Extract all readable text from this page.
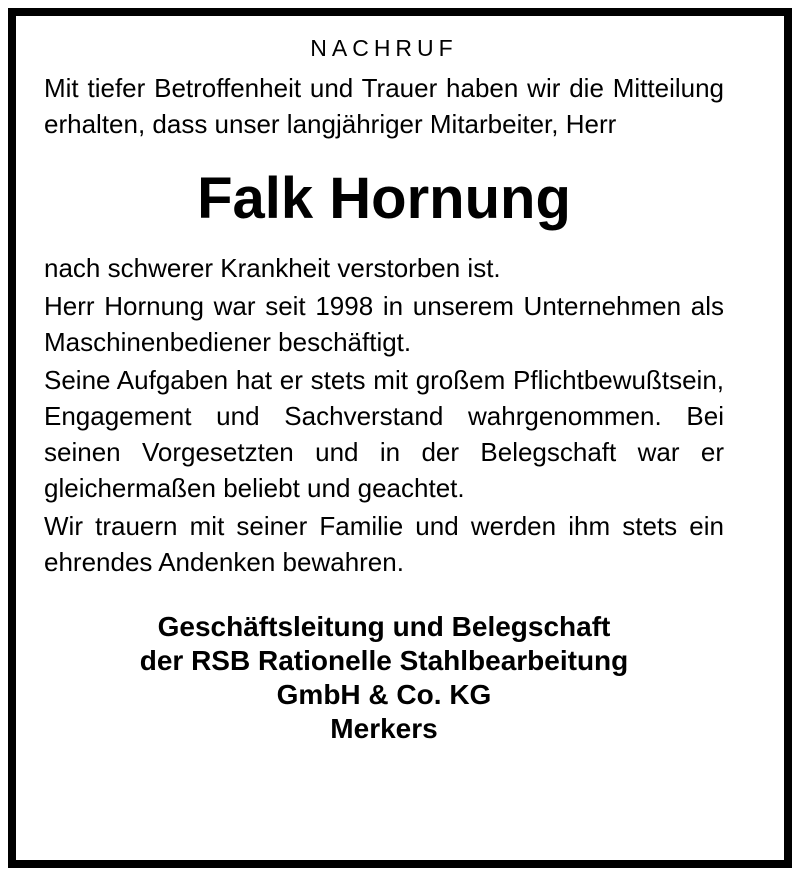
NACHRUF

Mit tiefer Betroffenheit und Trauer haben wir die Mitteilung erhalten, dass unser langjähriger Mitarbeiter, Herr

Falk Hornung

nach schwerer Krankheit verstorben ist.

Herr Hornung war seit 1998 in unserem Unternehmen als Maschinenbediener beschäftigt.

Seine Aufgaben hat er stets mit großem Pflichtbewußtsein, Engagement und Sachverstand wahrgenommen. Bei seinen Vorgesetzten und in der Belegschaft war er gleichermaßen beliebt und geachtet.

Wir trauern mit seiner Familie und werden ihm stets ein ehrendes Andenken bewahren.

Geschäftsleitung und Belegschaft
der RSB Rationelle Stahlbearbeitung
GmbH & Co. KG
Merkers
